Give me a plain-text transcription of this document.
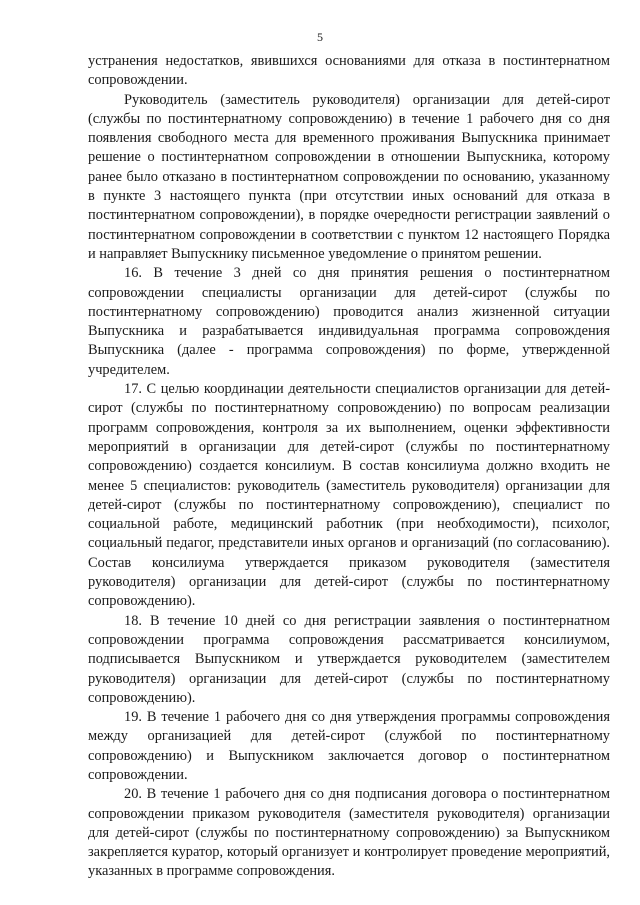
5

устранения недостатков, явившихся основаниями для отказа в постинтернатном сопровождении.

Руководитель (заместитель руководителя) организации для детей-сирот (службы по постинтернатному сопровождению) в течение 1 рабочего дня со дня появления свободного места для временного проживания Выпускника принимает решение о постинтернатном сопровождении в отношении Выпускника, которому ранее было отказано в постинтернатном сопровождении по основанию, указанному в пункте 3 настоящего пункта (при отсутствии иных оснований для отказа в постинтернатном сопровождении), в порядке очередности регистрации заявлений о постинтернатном сопровождении в соответствии с пунктом 12 настоящего Порядка и направляет Выпускнику письменное уведомление о принятом решении.

16. В течение 3 дней со дня принятия решения о постинтернатном сопровождении специалисты организации для детей-сирот (службы по постинтернатному сопровождению) проводится анализ жизненной ситуации Выпускника и разрабатывается индивидуальная программа сопровождения Выпускника (далее - программа сопровождения) по форме, утвержденной учредителем.

17. С целью координации деятельности специалистов организации для детей-сирот (службы по постинтернатному сопровождению) по вопросам реализации программ сопровождения, контроля за их выполнением, оценки эффективности мероприятий в организации для детей-сирот (службы по постинтернатному сопровождению) создается консилиум. В состав консилиума должно входить не менее 5 специалистов: руководитель (заместитель руководителя) организации для детей-сирот (службы по постинтернатному сопровождению), специалист по социальной работе, медицинский работник (при необходимости), психолог, социальный педагог, представители иных органов и организаций (по согласованию). Состав консилиума утверждается приказом руководителя (заместителя руководителя) организации для детей-сирот (службы по постинтернатному сопровождению).

18. В течение 10 дней со дня регистрации заявления о постинтернатном сопровождении программа сопровождения рассматривается консилиумом, подписывается Выпускником и утверждается руководителем (заместителем руководителя) организации для детей-сирот (службы по постинтернатному сопровождению).

19. В течение 1 рабочего дня со дня утверждения программы сопровождения между организацией для детей-сирот (службой по постинтернатному сопровождению) и Выпускником заключается договор о постинтернатном сопровождении.

20. В течение 1 рабочего дня со дня подписания договора о постинтернатном сопровождении приказом руководителя (заместителя руководителя) организации для детей-сирот (службы по постинтернатному сопровождению) за Выпускником закрепляется куратор, который организует и контролирует проведение мероприятий, указанных в программе сопровождения.
